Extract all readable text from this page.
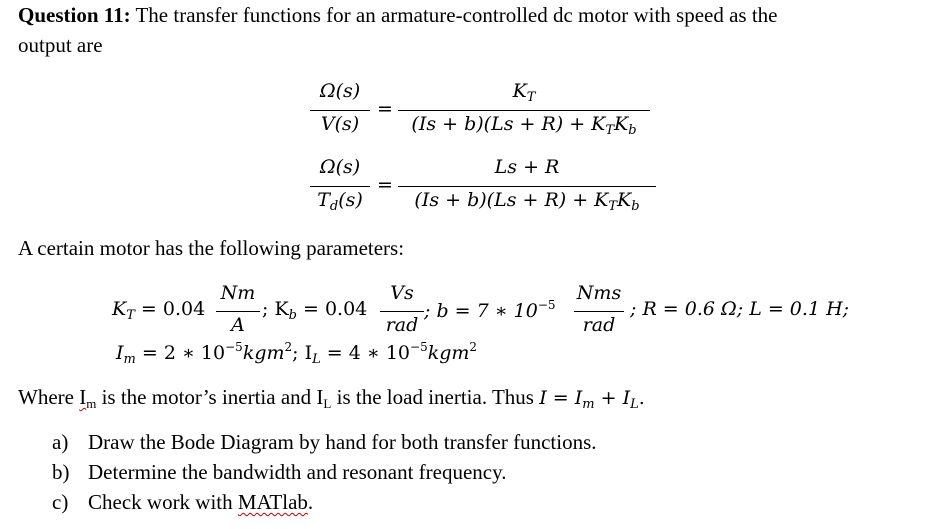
Question 11: The transfer functions for an armature-controlled dc motor with speed as the
output are
Ω(s)
V(s)
=
$K_T$
$(Is + b)(Ls + R) + K_TK_b$
Ω(s)
$T_d(s)$
=
Ls + R
$(Is + b)(Ls + R) + K_TK_b$
A certain motor has the following parameters:
$K_T = 0.04$
Nm
A
; $K_b = 0.04$
Vs
rad
; b = 7 ∗ $10^{-5}$
Nms
rad
; R = 0.6 Ω; L = 0.1 H;
$I_m = 2$ ∗ $10^{-5}kgm^2$; $I_L = 4$ ∗ $10^{-5}kgm^2$
Where $I_m$ is the motor’s inertia and $I_L$ is the load inertia. Thus $I = I_m + I_L$.
a) Draw the Bode Diagram by hand for both transfer functions.
b) Determine the bandwidth and resonant frequency.
c) Check work with MATlab.
